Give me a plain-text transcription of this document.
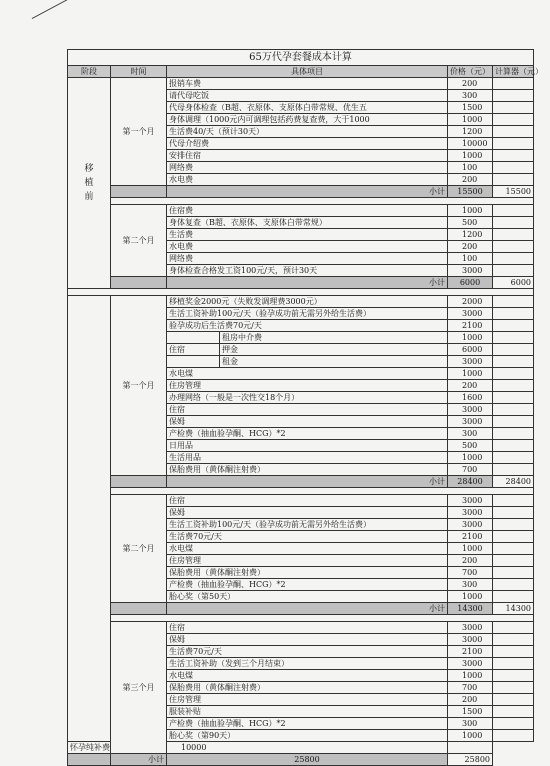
65万代孕套餐成本计算				
阶段	时间	具体项目	价格（元）	计算器（元）
移
植
前	第一个月	报销车费	200	
		请代母吃饭	300	
		代母身体检查（B超、衣原体、支原体白带常规、优生五	1500	
		身体调理（1000元内可调理包括药费复查费，大于1000	1000	
		生活费40/天（预计30天）	1200	
		代母介绍费	10000	
		安排住宿	1000	
		网络费	100	
		水电费	200	
		小计	15500	15500

	第二个月	住宿费	1000	
		身体复查（B超、衣原体、支原体白带常规）	500	
		生活费	1200	
		水电费	200	
		网络费	100	
		身体检查合格发工资100元/天，预计30天	3000	
		小计	6000	6000

	第一个月	移植奖金2000元（失败发调理费3000元）	2000	
		生活工资补助100元/天（验孕成功前无需另外给生活费）	3000	
		验孕成功后生活费70元/天	2100	

		租房中介费	1000	

		住宿 押金	6000	

		租金	3000	
		水电煤	1000	
		住房管理	200	
		办理网络（一般是一次性交18个月）	1600	
		住宿	3000	
		保姆	3000	
		产检费（抽血验孕酮、HCG）*2	300	
		日用品	500	
		生活用品	1000	
		保胎费用（黄体酮注射费）	700	
		小计	28400	28400

	第二个月	住宿	3000	
		保姆	3000	
		生活工资补助100元/天（验孕成功前无需另外给生活费）	3000	
		生活费70元/天	2100	
		水电煤	1000	
		住房管理	200	
		保胎费用（黄体酮注射费）	700	
		产检费（抽血验孕酮、HCG）*2	300	
		胎心奖（第50天）	1000	
		小计	14300	14300

	第三个月	住宿	3000	
		保姆	3000	
		生活费70元/天	2100	
		生活工资补助（发到三个月结束）	3000	
		水电煤	1000	
		保胎费用（黄体酮注射费）	700	
		住房管理	200	
		服装补贴	1500	
		产检费（抽血验孕酮、HCG）*2	300	
		胎心奖（第90天）	1000	
怀孕纯补费		10000		
	小计	25800	25800	
